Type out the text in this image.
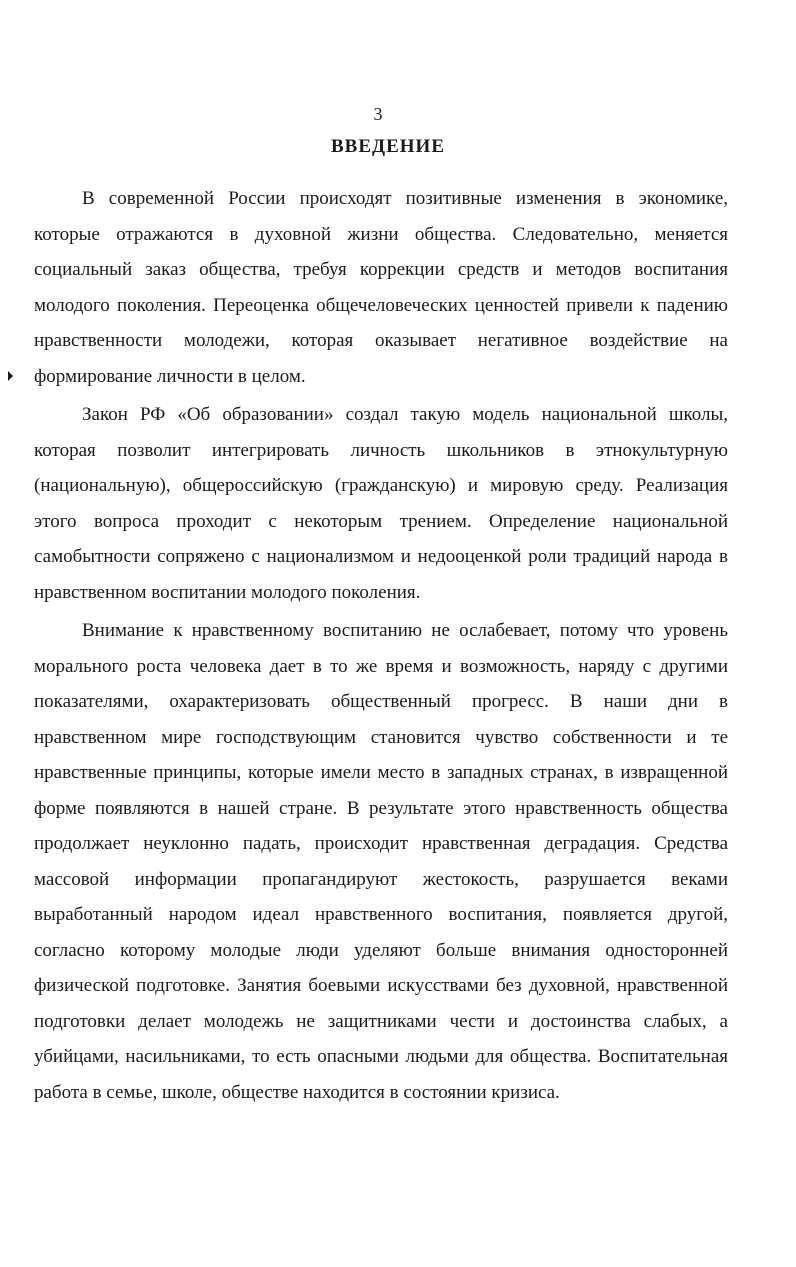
3
ВВЕДЕНИЕ

В современной России происходят позитивные изменения в экономике, которые отражаются в духовной жизни общества. Следовательно, меняется социальный заказ общества, требуя коррекции средств и методов воспитания молодого поколения. Переоценка общечеловеческих ценностей привели к падению нравственности молодежи, которая оказывает негативное воздействие на формирование личности в целом.

Закон РФ «Об образовании» создал такую модель национальной школы, которая позволит интегрировать личность школьников в этнокультурную (национальную), общероссийскую (гражданскую) и мировую среду. Реализация этого вопроса проходит с некоторым трением. Определение национальной самобытности сопряжено с национализмом и недооценкой роли традиций народа в нравственном воспитании молодого поколения.

Внимание к нравственному воспитанию не ослабевает, потому что уровень морального роста человека дает в то же время и возможность, наряду с другими показателями, охарактеризовать общественный прогресс. В наши дни в нравственном мире господствующим становится чувство собственности и те нравственные принципы, которые имели место в западных странах, в извращенной форме появляются в нашей стране. В результате этого нравственность общества продолжает неуклонно падать, происходит нравственная деградация. Средства массовой информации пропагандируют жестокость, разрушается веками выработанный народом идеал нравственного воспитания, появляется другой, согласно которому молодые люди уделяют больше внимания односторонней физической подготовке. Занятия боевыми искусствами без духовной, нравственной подготовки делает молодежь не защитниками чести и достоинства слабых, а убийцами, насильниками, то есть опасными людьми для общества. Воспитательная работа в семье, школе, обществе находится в состоянии кризиса.
